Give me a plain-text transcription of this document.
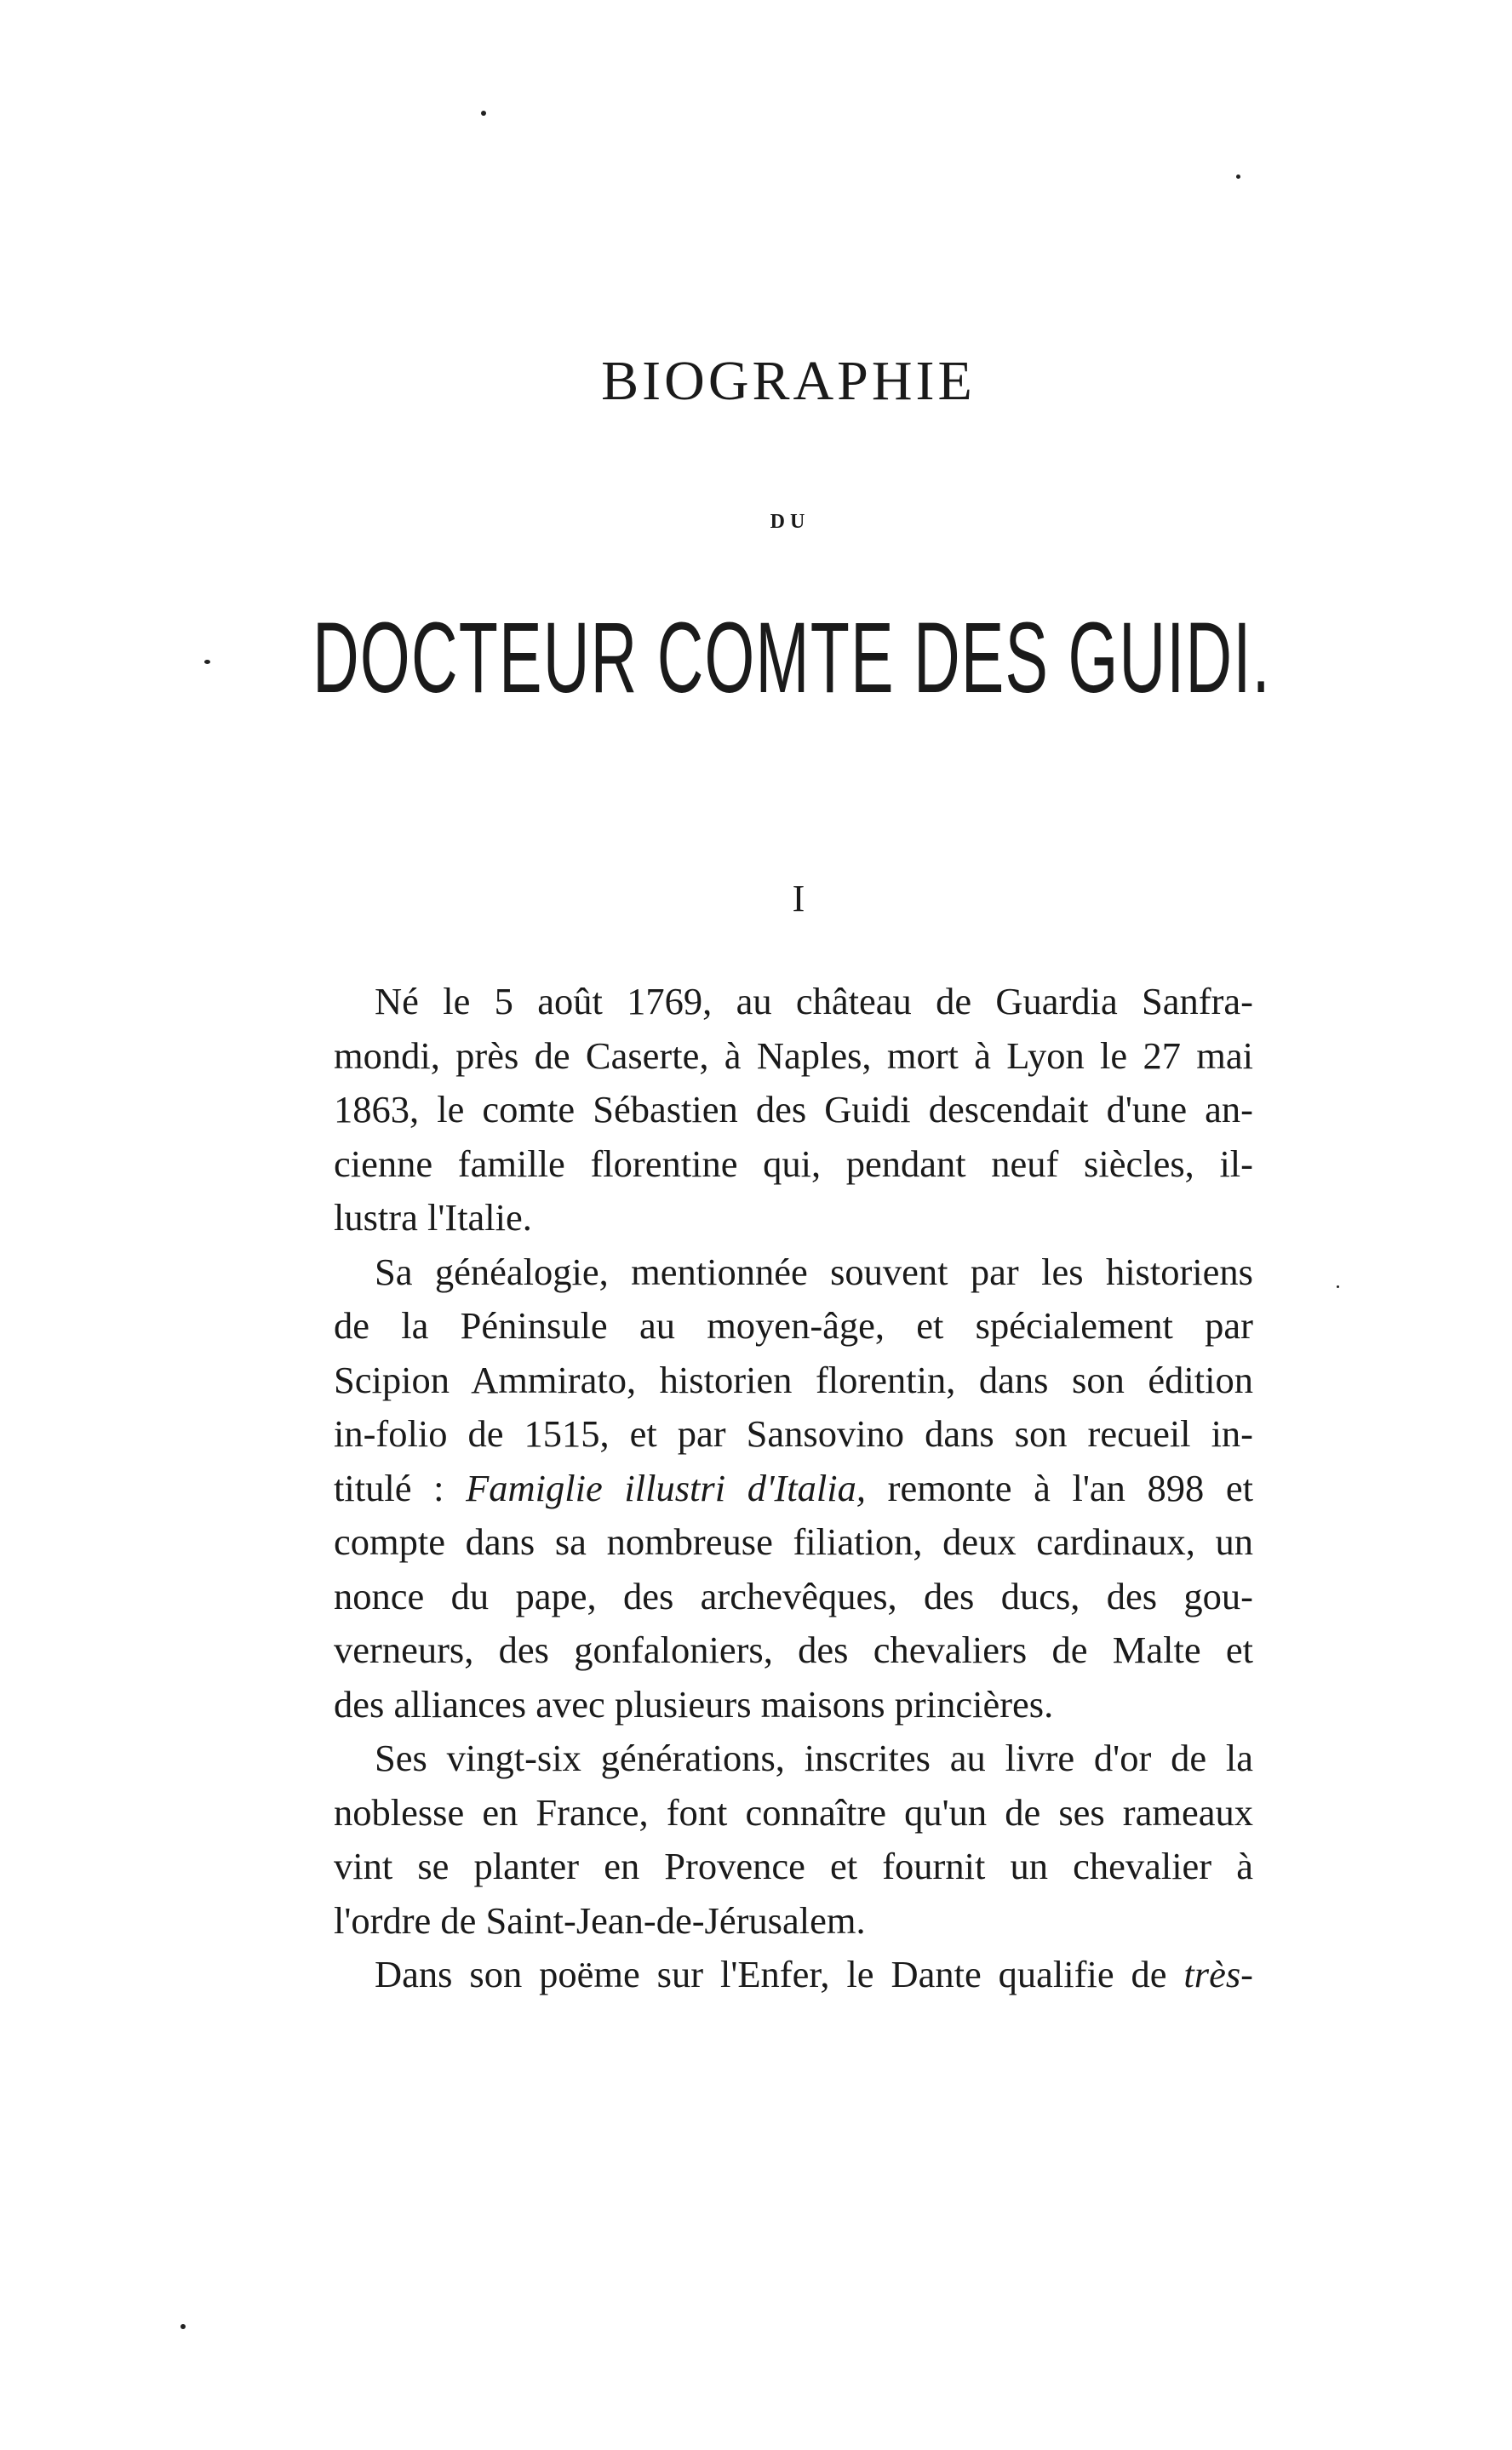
BIOGRAPHIE
DU
DOCTEUR COMTE DES GUIDI.
I
Né le 5 août 1769, au château de Guardia Sanfra-
mondi, près de Caserte, à Naples, mort à Lyon le 27 mai
1863, le comte Sébastien des Guidi descendait d'une an-
cienne famille florentine qui, pendant neuf siècles, il-
lustra l'Italie.
Sa généalogie, mentionnée souvent par les historiens
de la Péninsule au moyen-âge, et spécialement par
Scipion Ammirato, historien florentin, dans son édition
in-folio de 1515, et par Sansovino dans son recueil in-
titulé : Famiglie illustri d'Italia, remonte à l'an 898 et
compte dans sa nombreuse filiation, deux cardinaux, un
nonce du pape, des archevêques, des ducs, des gou-
verneurs, des gonfaloniers, des chevaliers de Malte et
des alliances avec plusieurs maisons princières.
Ses vingt-six générations, inscrites au livre d'or de la
noblesse en France, font connaître qu'un de ses rameaux
vint se planter en Provence et fournit un chevalier à
l'ordre de Saint-Jean-de-Jérusalem.
Dans son poëme sur l'Enfer, le Dante qualifie de très-
